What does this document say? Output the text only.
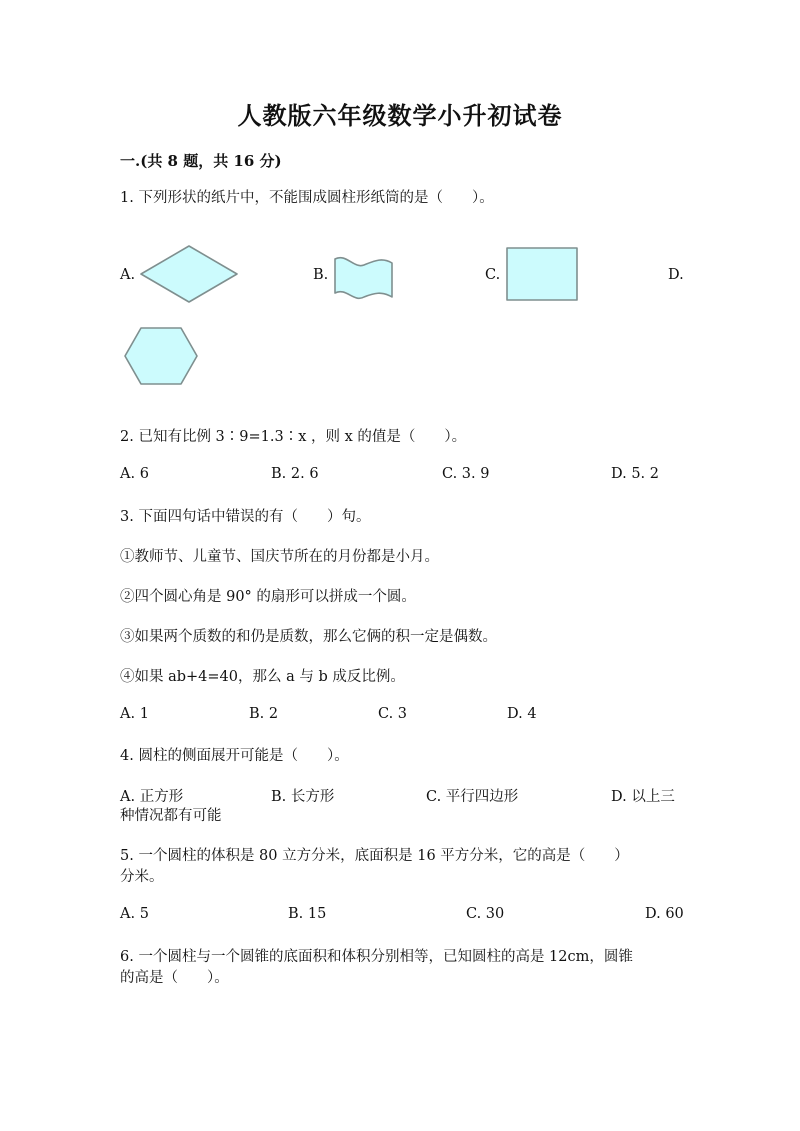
人教版六年级数学小升初试卷
一.(共 8 题，共 16 分)
1. 下列形状的纸片中，不能围成圆柱形纸筒的是（　　）。
A.	B.	C.	D.
2. 已知有比例 3∶9=1.3∶x ，则 x 的值是（　　）。
A. 6	B. 2. 6	C. 3. 9	D. 5. 2
3. 下面四句话中错误的有（　　）句。
①教师节、儿童节、国庆节所在的月份都是小月。
②四个圆心角是 90° 的扇形可以拼成一个圆。
③如果两个质数的和仍是质数，那么它俩的积一定是偶数。
④如果 ab+4=40，那么 a 与 b 成反比例。
A. 1	B. 2	C. 3	D. 4
4. 圆柱的侧面展开可能是（　　）。
A. 正方形	B. 长方形	C. 平行四边形	D. 以上三
种情况都有可能
5. 一个圆柱的体积是 80 立方分米，底面积是 16 平方分米，它的高是（　　）
分米。
A. 5	B. 15	C. 30	D. 60
6. 一个圆柱与一个圆锥的底面积和体积分别相等，已知圆柱的高是 12cm，圆锥
的高是（　　）。
